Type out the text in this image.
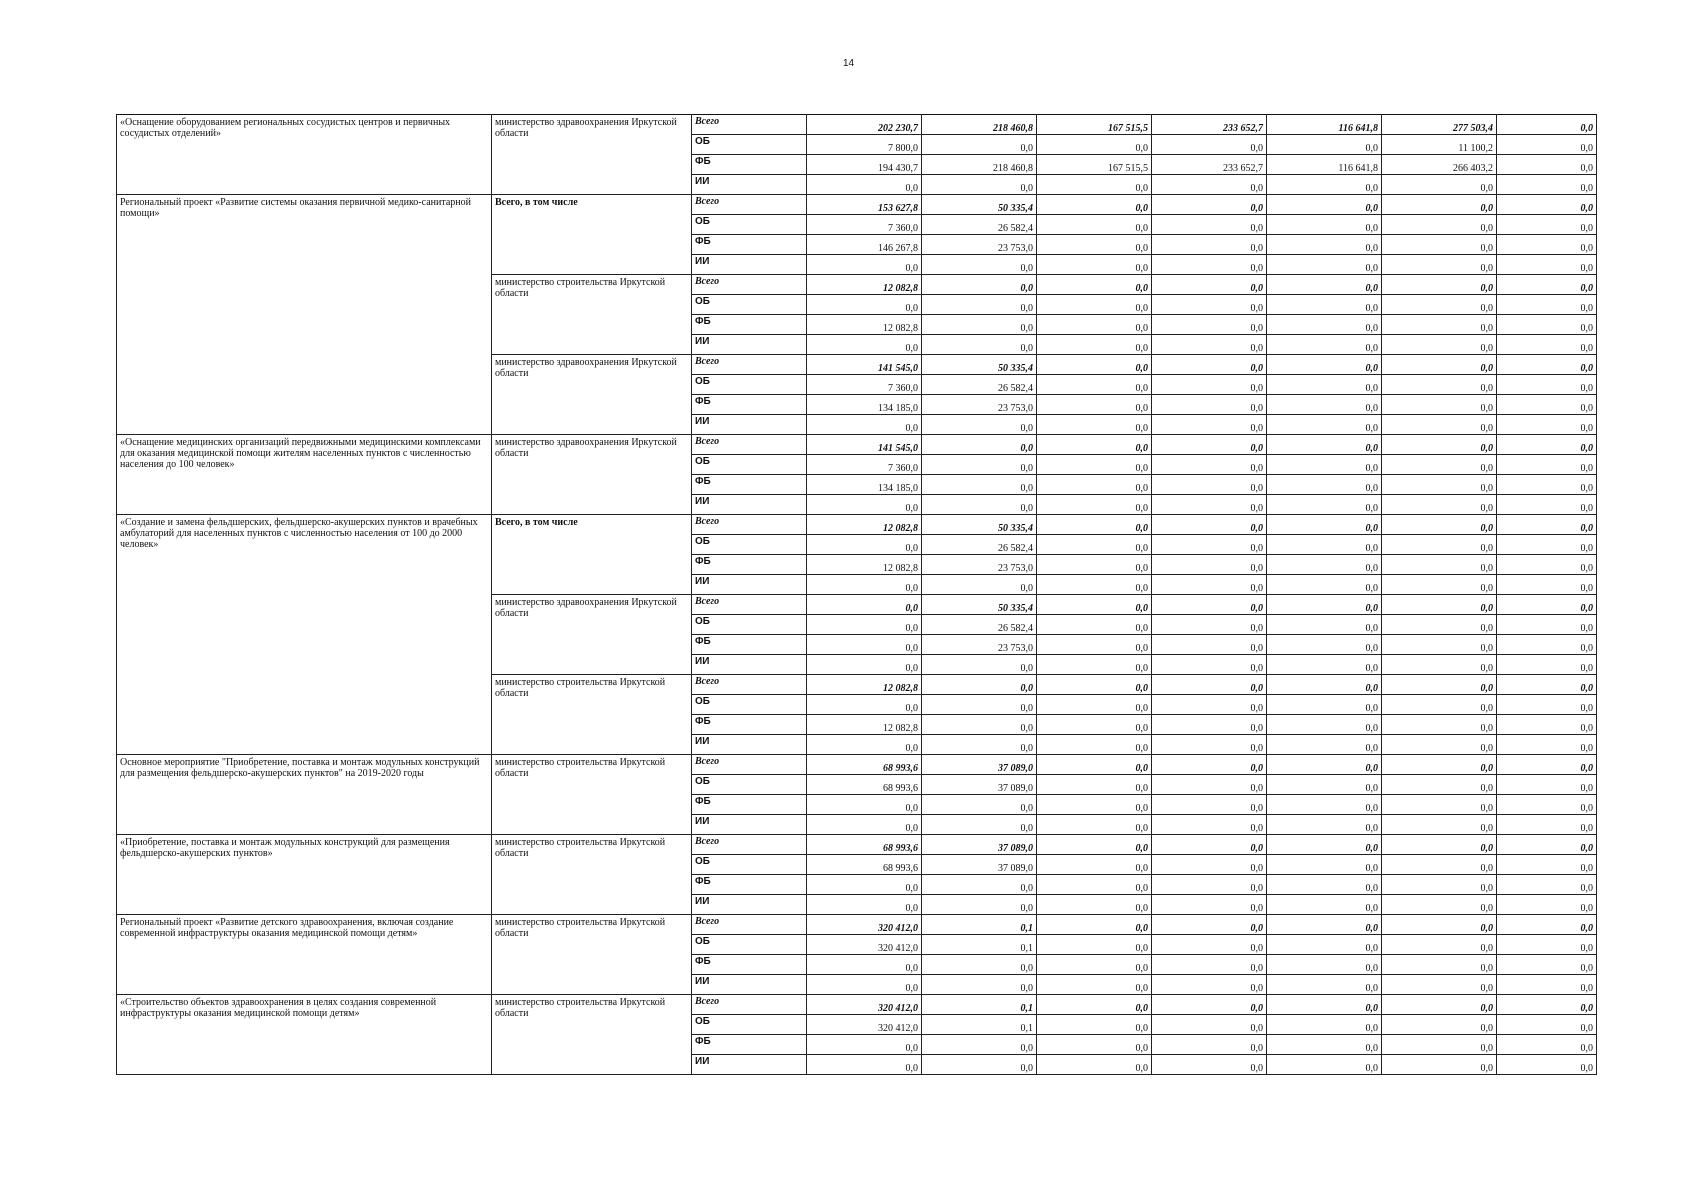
14
«Оснащение оборудованием региональных сосудистых центров и первичных сосудистых отделений»	министерство здравоохранения Иркутской области	Всего	202 230,7	218 460,8	167 515,5	233 652,7	116 641,8	277 503,4	0,0
		ОБ	7 800,0	0,0	0,0	0,0	0,0	11 100,2	0,0
		ФБ	194 430,7	218 460,8	167 515,5	233 652,7	116 641,8	266 403,2	0,0
		ИИ	0,0	0,0	0,0	0,0	0,0	0,0	0,0
Региональный проект «Развитие системы оказания первичной медико-санитарной помощи»	Всего, в том числе	Всего	153 627,8	50 335,4	0,0	0,0	0,0	0,0	0,0
		ОБ	7 360,0	26 582,4	0,0	0,0	0,0	0,0	0,0
		ФБ	146 267,8	23 753,0	0,0	0,0	0,0	0,0	0,0
		ИИ	0,0	0,0	0,0	0,0	0,0	0,0	0,0
	министерство строительства Иркутской области	Всего	12 082,8	0,0	0,0	0,0	0,0	0,0	0,0
		ОБ	0,0	0,0	0,0	0,0	0,0	0,0	0,0
		ФБ	12 082,8	0,0	0,0	0,0	0,0	0,0	0,0
		ИИ	0,0	0,0	0,0	0,0	0,0	0,0	0,0
	министерство здравоохранения Иркутской области	Всего	141 545,0	50 335,4	0,0	0,0	0,0	0,0	0,0
		ОБ	7 360,0	26 582,4	0,0	0,0	0,0	0,0	0,0
		ФБ	134 185,0	23 753,0	0,0	0,0	0,0	0,0	0,0
		ИИ	0,0	0,0	0,0	0,0	0,0	0,0	0,0
«Оснащение медицинских организаций передвижными медицинскими комплексами для оказания медицинской помощи жителям населенных пунктов с численностью населения до 100 человек»	министерство здравоохранения Иркутской области	Всего	141 545,0	0,0	0,0	0,0	0,0	0,0	0,0
		ОБ	7 360,0	0,0	0,0	0,0	0,0	0,0	0,0
		ФБ	134 185,0	0,0	0,0	0,0	0,0	0,0	0,0
		ИИ	0,0	0,0	0,0	0,0	0,0	0,0	0,0
«Создание и замена фельдшерских, фельдшерско-акушерских пунктов и врачебных амбулаторий для населенных пунктов с численностью населения от 100 до 2000 человек»	Всего, в том числе	Всего	12 082,8	50 335,4	0,0	0,0	0,0	0,0	0,0
		ОБ	0,0	26 582,4	0,0	0,0	0,0	0,0	0,0
		ФБ	12 082,8	23 753,0	0,0	0,0	0,0	0,0	0,0
		ИИ	0,0	0,0	0,0	0,0	0,0	0,0	0,0
	министерство здравоохранения Иркутской области	Всего	0,0	50 335,4	0,0	0,0	0,0	0,0	0,0
		ОБ	0,0	26 582,4	0,0	0,0	0,0	0,0	0,0
		ФБ	0,0	23 753,0	0,0	0,0	0,0	0,0	0,0
		ИИ	0,0	0,0	0,0	0,0	0,0	0,0	0,0
	министерство строительства Иркутской области	Всего	12 082,8	0,0	0,0	0,0	0,0	0,0	0,0
		ОБ	0,0	0,0	0,0	0,0	0,0	0,0	0,0
		ФБ	12 082,8	0,0	0,0	0,0	0,0	0,0	0,0
		ИИ	0,0	0,0	0,0	0,0	0,0	0,0	0,0
Основное мероприятие "Приобретение, поставка и монтаж модульных конструкций для размещения фельдшерско-акушерских пунктов" на 2019-2020 годы	министерство строительства Иркутской области	Всего	68 993,6	37 089,0	0,0	0,0	0,0	0,0	0,0
		ОБ	68 993,6	37 089,0	0,0	0,0	0,0	0,0	0,0
		ФБ	0,0	0,0	0,0	0,0	0,0	0,0	0,0
		ИИ	0,0	0,0	0,0	0,0	0,0	0,0	0,0
«Приобретение, поставка и монтаж модульных конструкций для размещения фельдшерско-акушерских пунктов»	министерство строительства Иркутской области	Всего	68 993,6	37 089,0	0,0	0,0	0,0	0,0	0,0
		ОБ	68 993,6	37 089,0	0,0	0,0	0,0	0,0	0,0
		ФБ	0,0	0,0	0,0	0,0	0,0	0,0	0,0
		ИИ	0,0	0,0	0,0	0,0	0,0	0,0	0,0
Региональный проект «Развитие детского здравоохранения, включая создание современной инфраструктуры оказания медицинской помощи детям»	министерство строительства Иркутской области	Всего	320 412,0	0,1	0,0	0,0	0,0	0,0	0,0
		ОБ	320 412,0	0,1	0,0	0,0	0,0	0,0	0,0
		ФБ	0,0	0,0	0,0	0,0	0,0	0,0	0,0
		ИИ	0,0	0,0	0,0	0,0	0,0	0,0	0,0
«Строительство объектов здравоохранения в целях создания современной инфраструктуры оказания медицинской помощи детям»	министерство строительства Иркутской области	Всего	320 412,0	0,1	0,0	0,0	0,0	0,0	0,0
		ОБ	320 412,0	0,1	0,0	0,0	0,0	0,0	0,0
		ФБ	0,0	0,0	0,0	0,0	0,0	0,0	0,0
		ИИ	0,0	0,0	0,0	0,0	0,0	0,0	0,0
